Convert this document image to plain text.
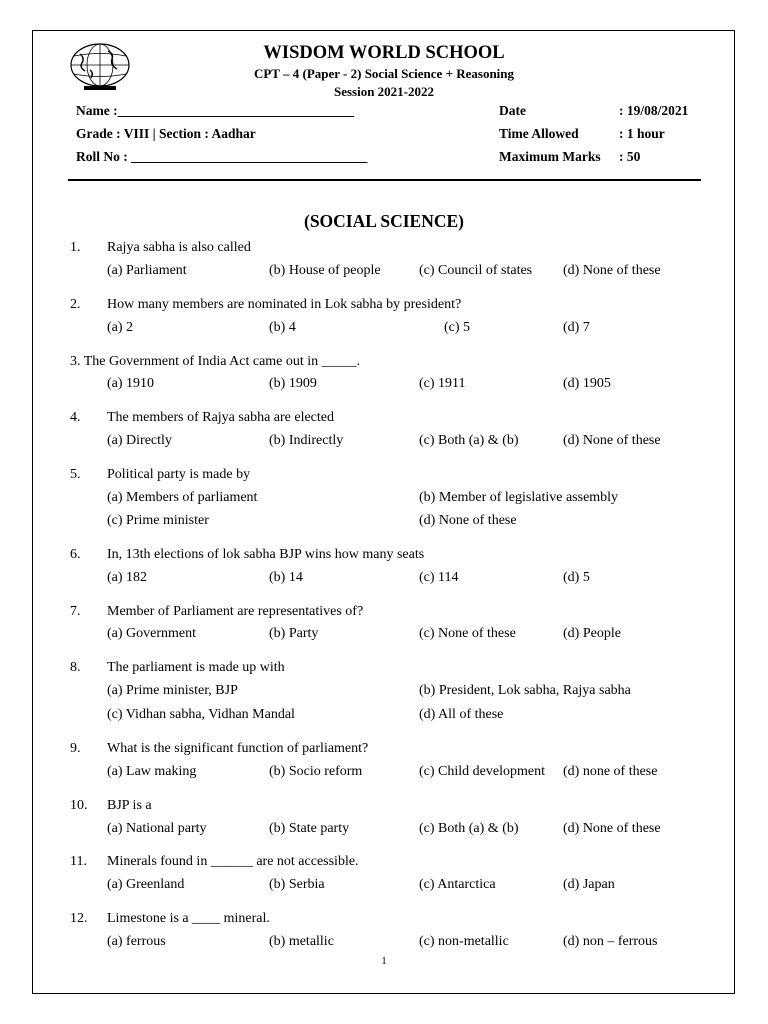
WISDOM WORLD SCHOOL
CPT – 4 (Paper - 2) Social Science + Reasoning
Session 2021-2022
Name :___________________________________
Grade : VIII | Section : Aadhar
Roll No : ___________________________________
Date	: 19/08/2021
Time Allowed	: 1 hour
Maximum Marks : 50
(SOCIAL SCIENCE)
1. Rajya sabha is also called
(a) Parliament	(b) House of people	(c) Council of states (d) None of these
2. How many members are nominated in Lok sabha by president?
(a) 2	(b) 4	(c) 5	(d) 7
3. The Government of India Act came out in _____.
(a) 1910	(b) 1909	(c) 1911	(d) 1905
4. The members of Rajya sabha are elected
(a) Directly	(b) Indirectly	(c) Both (a) & (b)	(d) None of these
5. Political party is made by
(a) Members of parliament	(b) Member of legislative assembly
(c) Prime minister	(d) None of these
6. In, 13th elections of lok sabha BJP wins how many seats
(a) 182	(b) 14	(c) 114	(d) 5
7. Member of Parliament are representatives of?
(a) Government	(b) Party	(c) None of these	(d) People
8. The parliament is made up with
(a) Prime minister, BJP	(b) President, Lok sabha, Rajya sabha
(c) Vidhan sabha, Vidhan Mandal	(d) All of these
9. What is the significant function of parliament?
(a) Law making	(b) Socio reform	(c) Child development (d) none of these
10. BJP is a
(a) National party	(b) State party	(c) Both (a) & (b)	(d) None of these
11. Minerals found in ______ are not accessible.
(a) Greenland	(b) Serbia	(c) Antarctica	(d) Japan
12. Limestone is a ____ mineral.
(a) ferrous	(b) metallic	(c) non-metallic	(d) non – ferrous
1
